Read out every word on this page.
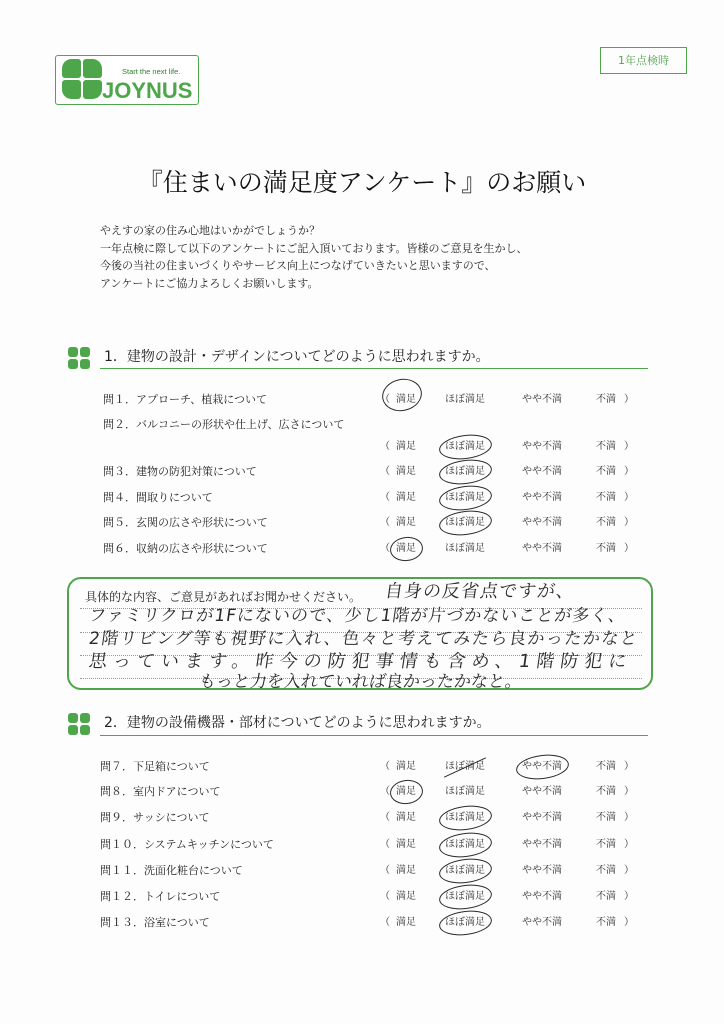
Start the next life.
JOYNUS
1年点検時
『住まいの満足度アンケート』のお願い

やえすの家の住み心地はいかがでしょうか？

一年点検に際して以下のアンケートにご記入頂いております。皆様のご意見を生かし、

今後の当社の住まいづくりやサービス向上につなげていきたいと思いますので、

アンケートにご協力よろしくお願いします。

1．建物の設計・デザインについてどのように思われますか。
問１．アプローチ、植栽について	（ 満足	ほぼ満足	やや不満	不満 ）
問２．バルコニーの形状や仕上げ、広さについて
（ 満足	ほぼ満足	やや不満	不満 ）
問３．建物の防犯対策について	（ 満足	ほぼ満足	やや不満	不満 ）
問４．間取りについて	（ 満足	ほぼ満足	やや不満	不満 ）
問５．玄関の広さや形状について	（ 満足	ほぼ満足	やや不満	不満 ）
問６．収納の広さや形状について	（ 満足	ほぼ満足	やや不満	不満 ）
具体的な内容、ご意見があればお聞かせください。 自身の反省点ですが、
ファミリクロが1Fにないので、少し1階が片づかないことが多く、
2階リビング等も視野に入れ、色々と考えてみたら良かったかなと
思っています。昨今の防犯事情も含め、1階防犯に
もっと力を入れていれば良かったかなと。
2．建物の設備機器・部材についてどのように思われますか。
問７．下足箱について	（ 満足	ほぼ満足	やや不満	不満 ）
問８．室内ドアについて	（ 満足	ほぼ満足	やや不満	不満 ）
問９．サッシについて	（ 満足	ほぼ満足	やや不満	不満 ）
問１０．システムキッチンについて	（ 満足	ほぼ満足	やや不満	不満 ）
問１１．洗面化粧台について	（ 満足	ほぼ満足	やや不満	不満 ）
問１２．トイレについて	（ 満足	ほぼ満足	やや不満	不満 ）
問１３．浴室について	（ 満足	ほぼ満足	やや不満	不満 ）
